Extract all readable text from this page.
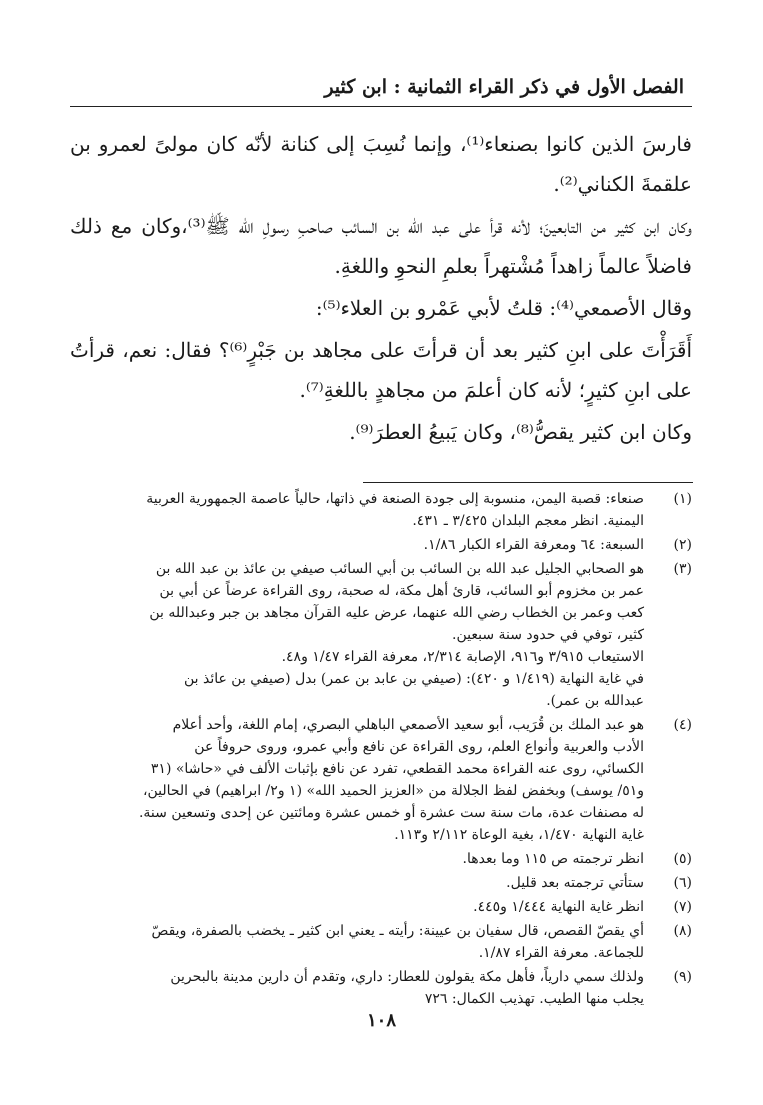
الفصل الأول في ذكر القراء الثمانية : ابن كثير

فارسَ الذين كانوا بصنعاء⁽¹⁾، وإنما نُسِبَ إلى كنانة لأنّه كان مولىً لعمرو بن علقمةَ الكناني⁽²⁾.

وكان ابن كثير من التابعينَ؛ لأنه قرأ على عبد الله بن السائب صاحبِ رسولِ الله ﷺ⁽³⁾،وكان مع ذلك فاضلاً عالماً زاهداً مُشْتهراً بعلمِ النحوِ واللغةِ.

وقال الأصمعي⁽⁴⁾: قلتُ لأبي عَمْرو بن العلاء⁽⁵⁾:

أَقَرَأْتَ على ابنِ كثير بعد أن قرأتَ على مجاهد بن جَبْرٍ⁽⁶⁾؟ فقال: نعم، قرأتُ على ابنِ كثيرٍ؛ لأنه كان أعلمَ من مجاهدٍ باللغةِ⁽⁷⁾.

وكان ابن كثير يقصُّ⁽⁸⁾، وكان يَبيعُ العطرَ⁽⁹⁾.

(١)
صنعاء: قصبة اليمن، منسوبة إلى جودة الصنعة في ذاتها، حالياً عاصمة الجمهورية العربية
اليمنية. انظر معجم البلدان ٣/٤٢٥ ـ ٤٣١.
(٢)
السبعة: ٦٤ ومعرفة القراء الكبار ١/٨٦.
(٣)
هو الصحابي الجليل عبد الله بن السائب بن أبي السائب صيفي بن عائذ بن عبد الله بن
عمر بن مخزوم أبو السائب، قارئ أهل مكة، له صحبة، روى القراءة عرضاً عن أبي بن
كعب وعمر بن الخطاب رضي الله عنهما، عرض عليه القرآن مجاهد بن جبر وعبدالله بن
كثير، توفي في حدود سنة سبعين.
الاستيعاب ٣/٩١٥ و٩١٦، الإصابة ٢/٣١٤، معرفة القراء ١/٤٧ و٤٨.
في غاية النهاية (١/٤١٩ و ٤٢٠): (صيفي بن عابد بن عمر) بدل (صيفي بن عائذ بن
عبدالله بن عمر).
(٤)
هو عبد الملك بن قُرَيب، أبو سعيد الأصمعي الباهلي البصري، إمام اللغة، وأحد أعلام
الأدب والعربية وأنواع العلم، روى القراءة عن نافع وأبي عمرو، وروى حروفاً عن
الكسائي، روى عنه القراءة محمد القطعي، تفرد عن نافع بإثبات الألف في «حاشا» (٣١
و٥١/ يوسف) وبخفض لفظ الجلالة من «العزيز الحميد الله» (١ و٢/ ابراهيم) في الحالين،
له مصنفات عدة، مات سنة ست عشرة أو خمس عشرة ومائتين عن إحدى وتسعين سنة.
غاية النهاية ١/٤٧٠، بغية الوعاة ٢/١١٢ و١١٣.
(٥)
انظر ترجمته ص ١١٥ وما بعدها.
(٦)
ستأتي ترجمته بعد قليل.
(٧)
انظر غاية النهاية ١/٤٤٤ و٤٤٥.
(٨)
أي يقصّ القصص، قال سفيان بن عيينة: رأيته ـ يعني ابن كثير ـ يخضب بالصفرة، ويقصّ
للجماعة. معرفة القراء ١/٨٧.
(٩)
ولذلك سمي دارياً، فأهل مكة يقولون للعطار: داري، وتقدم أن دارين مدينة بالبحرين
يجلب منها الطيب. تهذيب الكمال: ٧٢٦
١٠٨
